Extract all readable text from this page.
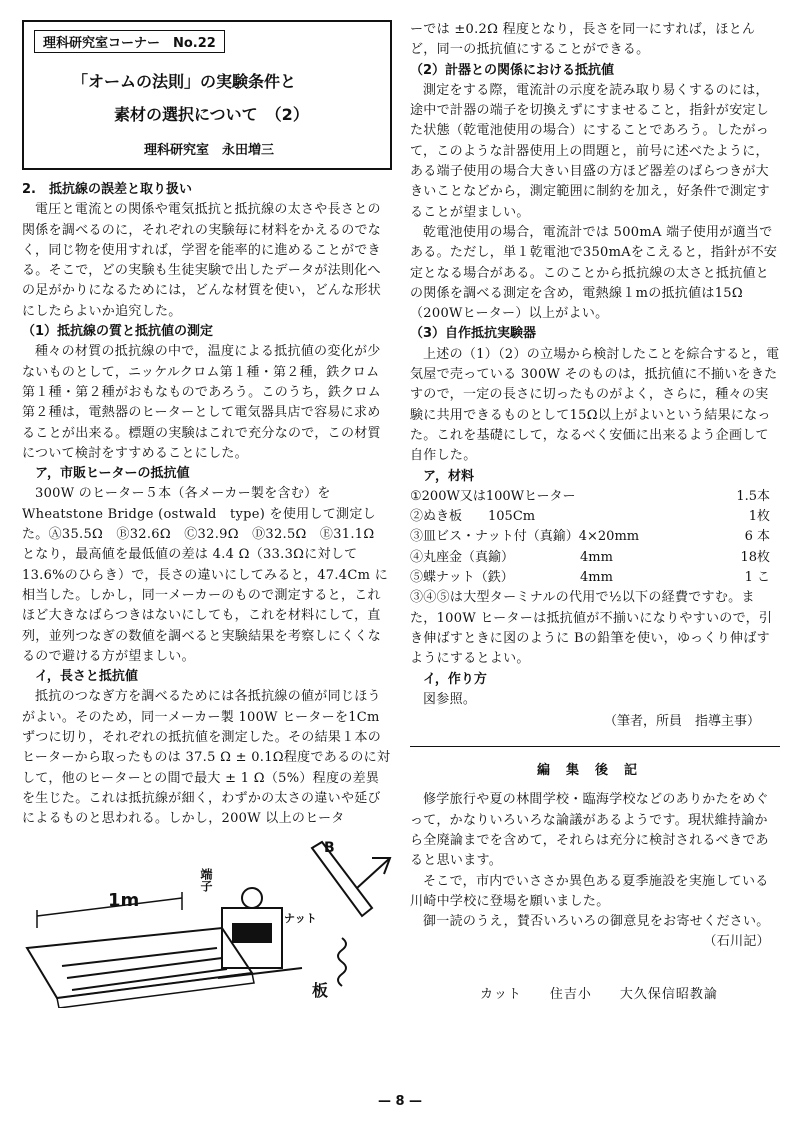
理科研究室コーナー　No.22
「オームの法則」の実験条件と
素材の選択について　（2）
理科研究室　永田増三

2.　抵抗線の誤差と取り扱い

電圧と電流との関係や電気抵抗と抵抗線の太さや長さとの関係を調べるのに，それぞれの実験毎に材料をかえるのでなく，同じ物を使用すれば，学習を能率的に進めることができる。そこで，どの実験も生徒実験で出したデータが法則化への足がかりになるためには，どんな材質を使い，どんな形状にしたらよいか追究した。

（1）抵抗線の質と抵抗値の測定

種々の材質の抵抗線の中で，温度による抵抗値の変化が少ないものとして，ニッケルクロム第１種・第２種，鉄クロム第１種・第２種がおもなものであろう。このうち，鉄クロム第２種は，電熱器のヒーターとして電気器具店で容易に求めることが出来る。標題の実験はこれで充分なので，この材質について検討をすすめることにした。

ア，市販ヒーターの抵抗値

300W のヒーター５本（各メーカー製を含む）をWheatstone Bridge (ostwald　type) を使用して測定した。Ⓐ35.5Ω　Ⓑ32.6Ω　Ⓒ32.9Ω　Ⓓ32.5Ω　Ⓔ31.1Ω　となり，最高値を最低値の差は 4.4 Ω（33.3Ωに対して13.6%のひらき）で，長さの違いにしてみると，47.4Cm に相当した。しかし，同一メーカーのもので測定すると，これほど大きなばらつきはないにしても，これを材料にして，直列，並列つなぎの数値を調べると実験結果を考察しにくくなるので避ける方が望ましい。

イ，長さと抵抗値

抵抗のつなぎ方を調べるためには各抵抗線の値が同じほうがよい。そのため，同一メーカー製 100W ヒーターを1Cmずつに切り，それぞれの抵抗値を測定した。その結果１本のヒーターから取ったものは 37.5 Ω ± 0.1Ω程度であるのに対して，他のヒーターとの間で最大 ± 1 Ω（5%）程度の差異を生じた。これは抵抗線が細く，わずかの太さの違いや延びによるものと思われる。しかし，200W 以上のヒータ

1m
端子
ナット
板
B

ーでは ±0.2Ω 程度となり，長さを同一にすれば，ほとんど，同一の抵抗値にすることができる。

（2）計器との関係における抵抗値

測定をする際，電流計の示度を読み取り易くするのには，途中で計器の端子を切換えずにすませること，指針が安定した状態（乾電池使用の場合）にすることであろう。したがって，このような計器使用上の問題と，前号に述べたように，ある端子使用の場合大きい目盛の方ほど器差のばらつきが大きいことなどから，測定範囲に制約を加え，好条件で測定することが望ましい。

乾電池使用の場合，電流計では 500mA 端子使用が適当である。ただし，単１乾電池で350mAをこえると，指針が不安定となる場合がある。このことから抵抗線の太さと抵抗値との関係を調べる測定を含め，電熱線１mの抵抗値は15Ω（200Wヒーター）以上がよい。

（3）自作抵抗実験器

上述の（1）（2）の立場から検討したことを綜合すると，電気屋で売っている 300W そのものは，抵抗値に不揃いをきたすので，一定の長さに切ったものがよく，さらに，種々の実験に共用できるものとして15Ω以上がよいという結果になった。これを基礎にして，なるべく安価に出来るよう企画して自作した。

ア，材料

①200W又は100Wヒーター	1.5本
②ぬき板　　105Cm	1枚
③皿ビス・ナット付（真鍮）4×20mm	6 本
④丸座金（真鍮）	4mm	18枚
⑤蝶ナット（鉄）	4mm	1 こ

③④⑤は大型ターミナルの代用で½以下の経費ですむ。また，100W ヒーターは抵抗値が不揃いになりやすいので，引き伸ばすときに図のように Bの鉛筆を使い，ゆっくり伸ばすようにするとよい。

イ，作り方

図参照。

（筆者，所員　指導主事）
編集後記

修学旅行や夏の林間学校・臨海学校などのありかたをめぐって，かなりいろいろな論議があるようです。現状維持論から全廃論までを含めて，それらは充分に検討されるべきであると思います。

そこで，市内でいささか異色ある夏季施設を実施している川崎中学校に登場を願いました。

御一読のうえ，賛否いろいろの御意見をお寄せください。

（石川記）

カット　　住吉小　　大久保信昭教論
— 8 —
